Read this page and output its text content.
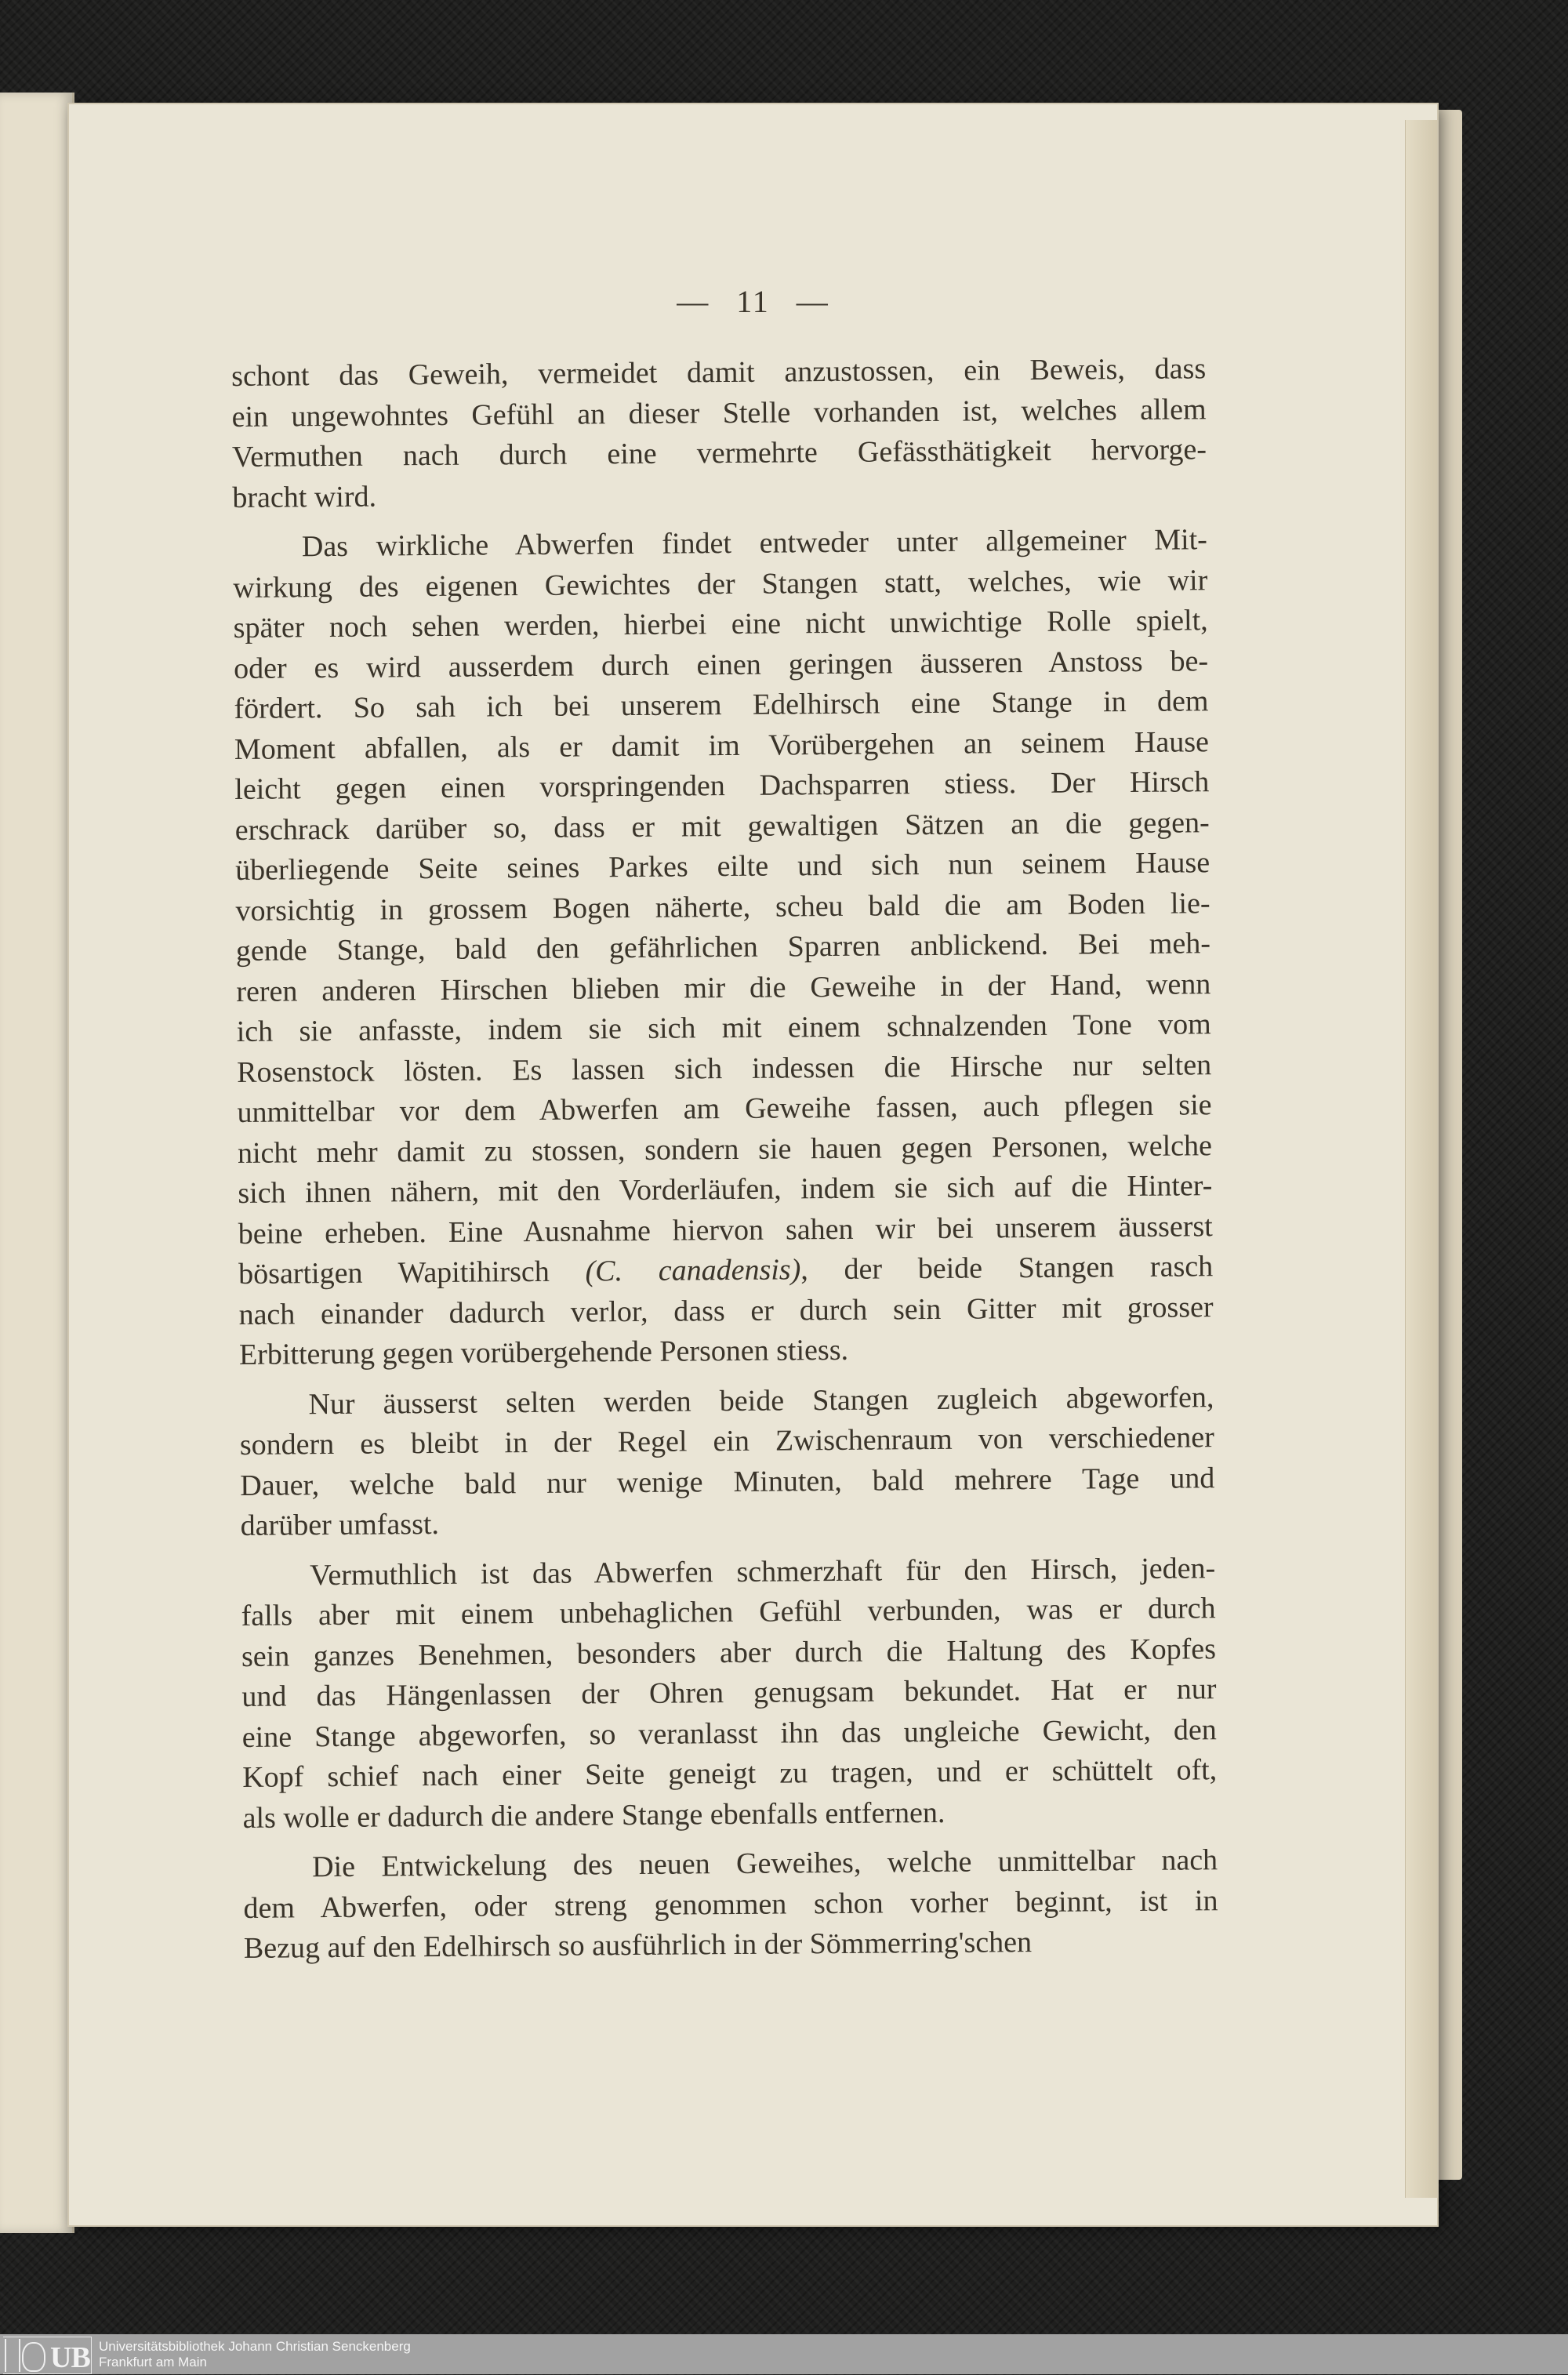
— 11 —
schont das Geweih, vermeidet damit anzustossen, ein Beweis, dass
ein ungewohntes Gefühl an dieser Stelle vorhanden ist, welches allem
Vermuthen nach durch eine vermehrte Gefässthätigkeit hervorge-
bracht wird.
Das wirkliche Abwerfen findet entweder unter allgemeiner Mit-
wirkung des eigenen Gewichtes der Stangen statt, welches, wie wir
später noch sehen werden, hierbei eine nicht unwichtige Rolle spielt,
oder es wird ausserdem durch einen geringen äusseren Anstoss be-
fördert. So sah ich bei unserem Edelhirsch eine Stange in dem
Moment abfallen, als er damit im Vorübergehen an seinem Hause
leicht gegen einen vorspringenden Dachsparren stiess. Der Hirsch
erschrack darüber so, dass er mit gewaltigen Sätzen an die gegen-
überliegende Seite seines Parkes eilte und sich nun seinem Hause
vorsichtig in grossem Bogen näherte, scheu bald die am Boden lie-
gende Stange, bald den gefährlichen Sparren anblickend. Bei meh-
reren anderen Hirschen blieben mir die Geweihe in der Hand, wenn
ich sie anfasste, indem sie sich mit einem schnalzenden Tone vom
Rosenstock lösten. Es lassen sich indessen die Hirsche nur selten
unmittelbar vor dem Abwerfen am Geweihe fassen, auch pflegen sie
nicht mehr damit zu stossen, sondern sie hauen gegen Personen, welche
sich ihnen nähern, mit den Vorderläufen, indem sie sich auf die Hinter-
beine erheben. Eine Ausnahme hiervon sahen wir bei unserem äusserst
bösartigen Wapitihirsch (C. canadensis), der beide Stangen rasch
nach einander dadurch verlor, dass er durch sein Gitter mit grosser
Erbitterung gegen vorübergehende Personen stiess.
Nur äusserst selten werden beide Stangen zugleich abgeworfen,
sondern es bleibt in der Regel ein Zwischenraum von verschiedener
Dauer, welche bald nur wenige Minuten, bald mehrere Tage und
darüber umfasst.
Vermuthlich ist das Abwerfen schmerzhaft für den Hirsch, jeden-
falls aber mit einem unbehaglichen Gefühl verbunden, was er durch
sein ganzes Benehmen, besonders aber durch die Haltung des Kopfes
und das Hängenlassen der Ohren genugsam bekundet. Hat er nur
eine Stange abgeworfen, so veranlasst ihn das ungleiche Gewicht, den
Kopf schief nach einer Seite geneigt zu tragen, und er schüttelt oft,
als wolle er dadurch die andere Stange ebenfalls entfernen.
Die Entwickelung des neuen Geweihes, welche unmittelbar nach
dem Abwerfen, oder streng genommen schon vorher beginnt, ist in
Bezug auf den Edelhirsch so ausführlich in der Sömmerring'schen
UB Universitätsbibliothek Johann Christian Senckenberg
Frankfurt am Main
